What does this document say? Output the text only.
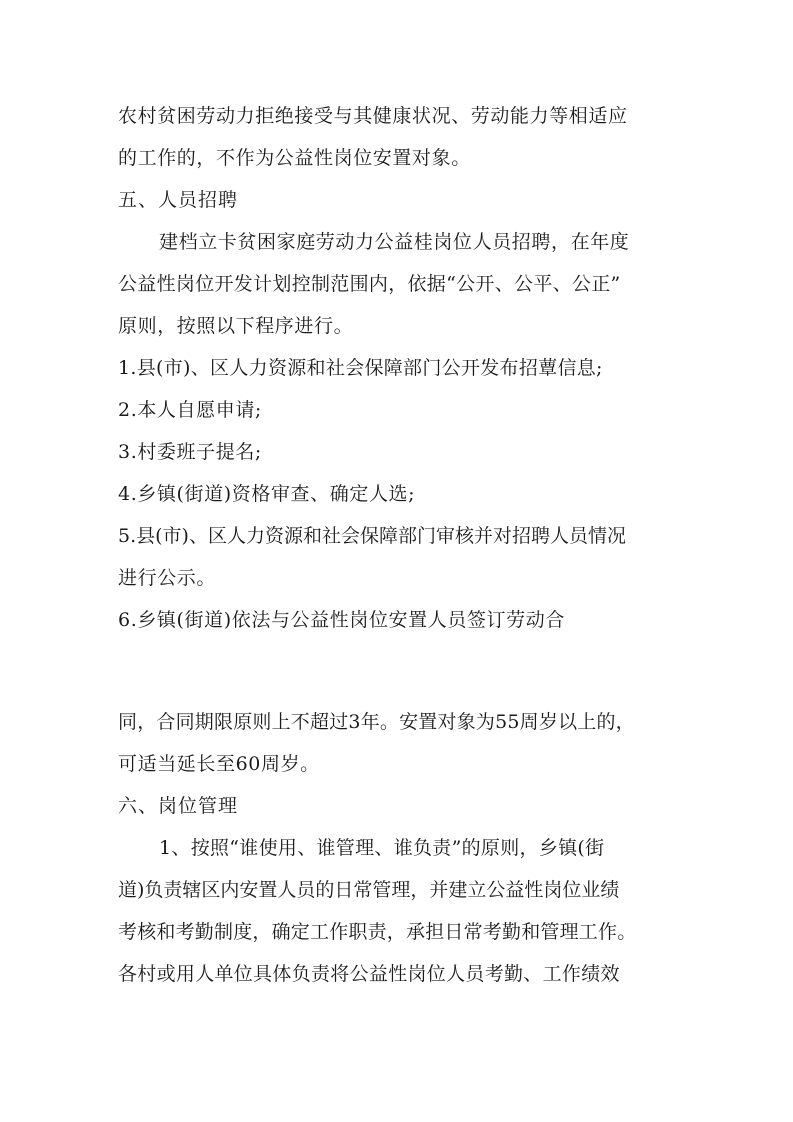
农村贫困劳动力拒绝接受与其健康状况、劳动能力等相适应
的工作的，不作为公益性岗位安置对象。
五、人员招聘
建档立卡贫困家庭劳动力公益桂岗位人员招聘，在年度
公益性岗位开发计划控制范围内，依据“公开、公平、公正”
原则，按照以下程序进行。
1.县(市)、区人力资源和社会保障部门公开发布招蕈信息;
2.本人自愿申请;
3.村委班子提名;
4.乡镇(街道)资格审查、确定人选;
5.县(市)、区人力资源和社会保障部门审核并对招聘人员情况
进行公示。
6.乡镇(街道)依法与公益性岗位安置人员签订劳动合
同，合同期限原则上不超过3年。安置对象为55周岁以上的，
可适当延长至60周岁。
六、岗位管理
1、按照“谁使用、谁管理、谁负责”的原则，乡镇(街
道)负责辖区内安置人员的日常管理，并建立公益性岗位业绩
考核和考勤制度，确定工作职责，承担日常考勤和管理工作。
各村或用人单位具体负责将公益性岗位人员考勤、工作绩效
